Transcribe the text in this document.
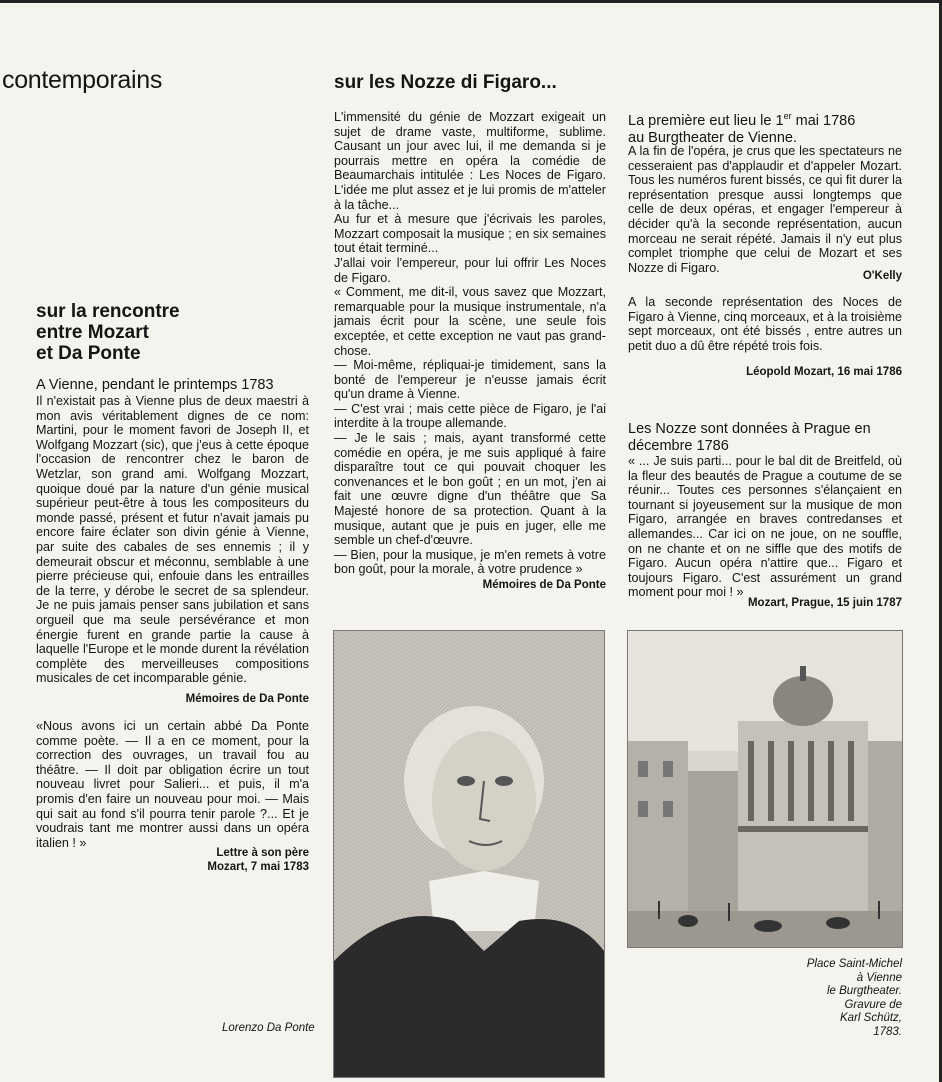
contemporains	sur les Nozze di Figaro...
sur la rencontre
entre Mozart
et Da Ponte
A Vienne, pendant le printemps 1783
Il n'existait pas à Vienne plus de deux maestri à mon avis véritablement dignes de ce nom: Martini, pour le moment favori de Joseph II, et Wolfgang Mozzart (sic), que j'eus à cette époque l'occasion de rencontrer chez le baron de Wetzlar, son grand ami. Wolfgang Mozzart, quoique doué par la nature d'un génie musical supérieur peut-être à tous les compositeurs du monde passé, présent et futur n'avait jamais pu encore faire éclater son divin génie à Vienne, par suite des cabales de ses ennemis ; il y demeurait obscur et méconnu, semblable à une pierre précieuse qui, enfouie dans les entrailles de la terre, y dérobe le secret de sa splendeur. Je ne puis jamais penser sans jubilation et sans orgueil que ma seule persévérance et mon énergie furent en grande partie la cause à laquelle l'Europe et le monde durent la révélation complète des merveilleuses compositions musicales de cet incomparable génie.
Mémoires de Da Ponte
«Nous avons ici un certain abbé Da Ponte comme poète. — Il a en ce moment, pour la correction des ouvrages, un travail fou au théâtre. — Il doit par obligation écrire un tout nouveau livret pour Salieri... et puis, il m'a promis d'en faire un nouveau pour moi. — Mais qui sait au fond s'il pourra tenir parole ?... Et je voudrais tant me montrer aussi dans un opéra italien ! »
Lettre à son père
Mozart, 7 mai 1783
Lorenzo Da Ponte

L'immensité du génie de Mozzart exigeait un sujet de drame vaste, multiforme, sublime. Causant un jour avec lui, il me demanda si je pourrais mettre en opéra la comédie de Beaumarchais intitulée : Les Noces de Figaro. L'idée me plut assez et je lui promis de m'atteler à la tâche...

Au fur et à mesure que j'écrivais les paroles, Mozzart composait la musique ; en six semaines tout était terminé...

J'allai voir l'empereur, pour lui offrir Les Noces de Figaro.

« Comment, me dit-il, vous savez que Mozzart, remarquable pour la musique instrumentale, n'a jamais écrit pour la scène, une seule fois exceptée, et cette exception ne vaut pas grand-chose.

— Moi-même, répliquai-je timidement, sans la bonté de l'empereur je n'eusse jamais écrit qu'un drame à Vienne.

— C'est vrai ; mais cette pièce de Figaro, je l'ai interdite à la troupe allemande.

— Je le sais ; mais, ayant transformé cette comédie en opéra, je me suis appliqué à faire disparaître tout ce qui pouvait choquer les convenances et le bon goût ; en un mot, j'en ai fait une œuvre digne d'un théâtre que Sa Majesté honore de sa protection. Quant à la musique, autant que je puis en juger, elle me semble un chef-d'œuvre.

— Bien, pour la musique, je m'en remets à votre bon goût, pour la morale, à votre prudence »

Mémoires de Da Ponte
La première eut lieu le 1er mai 1786
au Burgtheater de Vienne.
A la fin de l'opéra, je crus que les spectateurs ne cesseraient pas d'applaudir et d'appeler Mozart. Tous les numéros furent bissés, ce qui fit durer la représentation presque aussi longtemps que celle de deux opéras, et engager l'empereur à décider qu'à la seconde représentation, aucun morceau ne serait répété. Jamais il n'y eut plus complet triomphe que celui de Mozart et ses Nozze di Figaro.
O'Kelly
A la seconde représentation des Noces de Figaro à Vienne, cinq morceaux, et à la troisième sept morceaux, ont été bissés , entre autres un petit duo a dû être répété trois fois.
Léopold Mozart, 16 mai 1786
Les Nozze sont données à Prague en
décembre 1786
« ... Je suis parti... pour le bal dit de Breitfeld, où la fleur des beautés de Prague a coutume de se réunir... Toutes ces personnes s'élançaient en tournant si joyeusement sur la musique de mon Figaro, arrangée en braves contredanses et allemandes... Car ici on ne joue, on ne souffle, on ne chante et on ne siffle que des motifs de Figaro. Aucun opéra n'attire que... Figaro et toujours Figaro. C'est assurément un grand moment pour moi ! »
Mozart, Prague, 15 juin 1787
Place Saint-Michel
à Vienne
le Burgtheater.
Gravure de
Karl Schütz,
1783.
